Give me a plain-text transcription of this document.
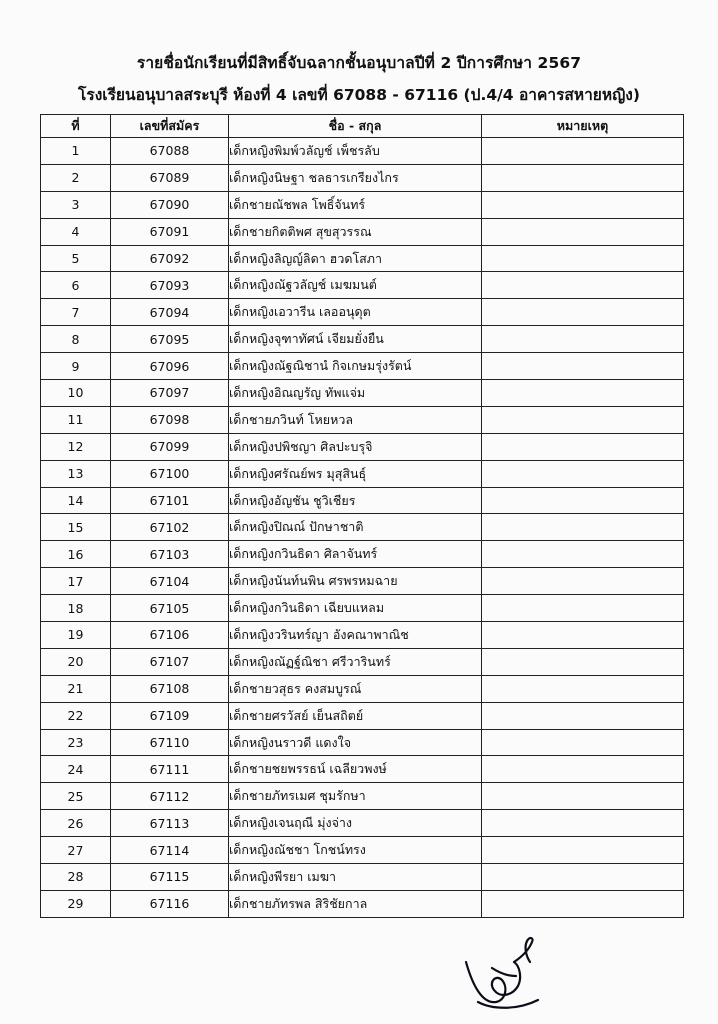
รายชื่อนักเรียนที่มีสิทธิ์จับฉลากชั้นอนุบาลปีที่ 2 ปีการศึกษา 2567
โรงเรียนอนุบาลสระบุรี ห้องที่ 4 เลขที่ 67088 - 67116 (ป.4/4 อาคารสหายหญิง)
ที่	เลขที่สมัคร	ชื่อ - สกุล	หมายเหตุ
1	67088	เด็กหญิงพิมพ์วลัญช์ เพ็ชรลับ	
2	67089	เด็กหญิงนิษฐา ชลธารเกรียงไกร	
3	67090	เด็กชายณัชพล โพธิ์จันทร์	
4	67091	เด็กชายกิตติพศ สุขสุวรรณ	
5	67092	เด็กหญิงลิญญ์ลิดา ฮวดโสภา	
6	67093	เด็กหญิงณัฐวลัญช์ เมฆมนต์	
7	67094	เด็กหญิงเอวารีน เลออนุดุต	
8	67095	เด็กหญิงจุฑาทัศน์ เจียมยั่งยืน	
9	67096	เด็กหญิงณัฐณิชานํ กิจเกษมรุ่งรัตน์	
10	67097	เด็กหญิงอิณญรัญ ทัพแจ่ม	
11	67098	เด็กชายภวินท์ โหยหวล	
12	67099	เด็กหญิงปพิชญา ศิลปะบรุจิ	
13	67100	เด็กหญิงศรัณย์พร มุสุสินธุ์	
14	67101	เด็กหญิงอัญชัน ชูวิเชียร	
15	67102	เด็กหญิงปิณณ์ ปักษาชาติ	
16	67103	เด็กหญิงกวินธิดา ศิลาจันทร์	
17	67104	เด็กหญิงนันท์นพิน ศรพรหมฉาย	
18	67105	เด็กหญิงกวินธิดา เฉียบแหลม	
19	67106	เด็กหญิงวรินทร์ญา อังคณาพาณิช	
20	67107	เด็กหญิงณัฏฐ์ณิชา ศรีวารินทร์	
21	67108	เด็กชายวสุธร คงสมบูรณ์	
22	67109	เด็กชายศรวัสย์ เย็นสถิตย์	
23	67110	เด็กหญิงนราวดี แดงใจ	
24	67111	เด็กชายชยพรรธน์ เฉลียวพงษ์	
25	67112	เด็กชายภัทรเมศ ชุมรักษา	
26	67113	เด็กหญิงเจนฤณี มุ่งจ่าง	
27	67114	เด็กหญิงณัชชา โกชน์ทรง	
28	67115	เด็กหญิงพีรยา เมฆา	
29	67116	เด็กชายภัทรพล สิริชัยกาล	
